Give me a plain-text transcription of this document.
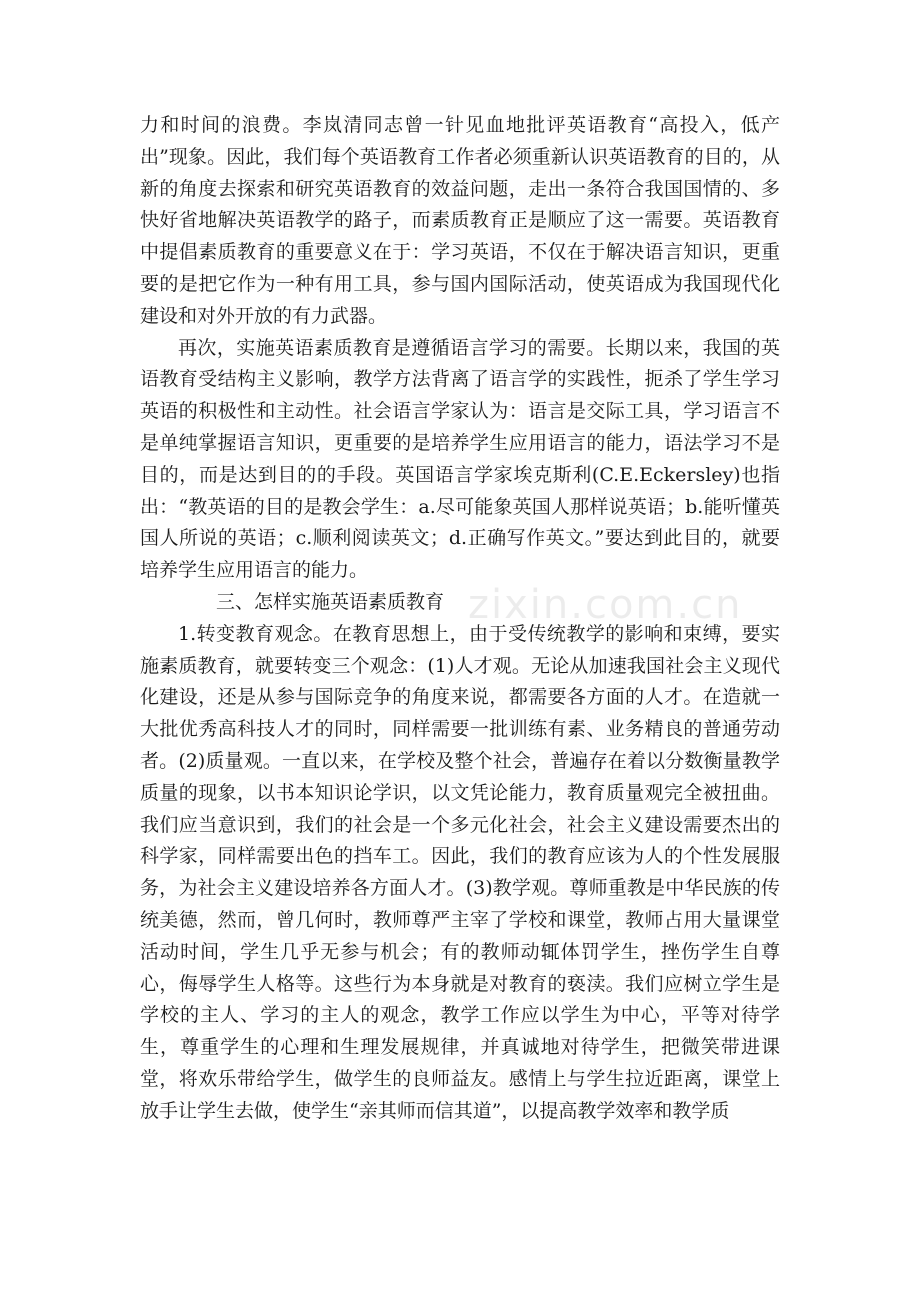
力和时间的浪费。李岚清同志曾一针见血地批评英语教育“高投入，低产出”现象。因此，我们每个英语教育工作者必须重新认识英语教育的目的，从新的角度去探索和研究英语教育的效益问题，走出一条符合我国国情的、多快好省地解决英语教学的路子，而素质教育正是顺应了这一需要。英语教育中提倡素质教育的重要意义在于：学习英语，不仅在于解决语言知识，更重要的是把它作为一种有用工具，参与国内国际活动，使英语成为我国现代化建设和对外开放的有力武器。

再次，实施英语素质教育是遵循语言学习的需要。长期以来，我国的英语教育受结构主义影响，教学方法背离了语言学的实践性，扼杀了学生学习英语的积极性和主动性。社会语言学家认为：语言是交际工具，学习语言不是单纯掌握语言知识，更重要的是培养学生应用语言的能力，语法学习不是目的，而是达到目的的手段。英国语言学家埃克斯利(C.E.Eckersley)也指出：“教英语的目的是教会学生：a.尽可能象英国人那样说英语；b.能听懂英国人所说的英语；c.顺利阅读英文；d.正确写作英文。”要达到此目的，就要培养学生应用语言的能力。

三、怎样实施英语素质教育

1.转变教育观念。在教育思想上，由于受传统教学的影响和束缚，要实施素质教育，就要转变三个观念：(1)人才观。无论从加速我国社会主义现代化建设，还是从参与国际竞争的角度来说，都需要各方面的人才。在造就一大批优秀高科技人才的同时，同样需要一批训练有素、业务精良的普通劳动者。(2)质量观。一直以来，在学校及整个社会，普遍存在着以分数衡量教学质量的现象，以书本知识论学识，以文凭论能力，教育质量观完全被扭曲。我们应当意识到，我们的社会是一个多元化社会，社会主义建设需要杰出的科学家，同样需要出色的挡车工。因此，我们的教育应该为人的个性发展服务，为社会主义建设培养各方面人才。(3)教学观。尊师重教是中华民族的传统美德，然而，曾几何时，教师尊严主宰了学校和课堂，教师占用大量课堂活动时间，学生几乎无参与机会；有的教师动辄体罚学生，挫伤学生自尊心，侮辱学生人格等。这些行为本身就是对教育的亵渎。我们应树立学生是学校的主人、学习的主人的观念，教学工作应以学生为中心，平等对待学生，尊重学生的心理和生理发展规律，并真诚地对待学生，把微笑带进课堂，将欢乐带给学生，做学生的良师益友。感情上与学生拉近距离，课堂上放手让学生去做，使学生“亲其师而信其道”，以提高教学效率和教学质

zixin.com.cn
